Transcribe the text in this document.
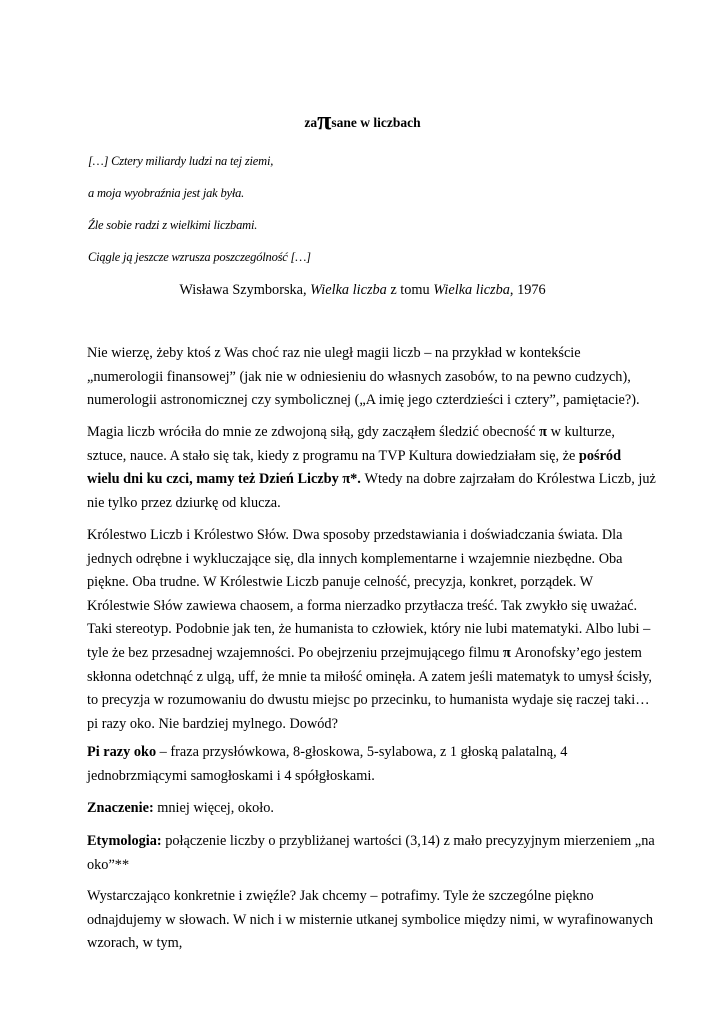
zaπsane w liczbach
[…] Cztery miliardy ludzi na tej ziemi,
a moja wyobraźnia jest jak była.
Źle sobie radzi z wielkimi liczbami.
Ciągle ją jeszcze wzrusza poszczególność […]
Wisława Szymborska, Wielka liczba z tomu Wielka liczba, 1976

Nie wierzę, żeby ktoś z Was choć raz nie uległ magii liczb – na przykład w kontekście „numerologii finansowej” (jak nie w odniesieniu do własnych zasobów, to na pewno cudzych), numerologii astronomicznej czy symbolicznej („A imię jego czterdzieści i cztery”, pamiętacie?).

Magia liczb wróciła do mnie ze zdwojoną siłą, gdy zacząłem śledzić obecność π w kulturze, sztuce, nauce. A stało się tak, kiedy z programu na TVP Kultura dowiedziałam się, że pośród wielu dni ku czci, mamy też Dzień Liczby π*. Wtedy na dobre zajrzałam do Królestwa Liczb, już nie tylko przez dziurkę od klucza.

Królestwo Liczb i Królestwo Słów. Dwa sposoby przedstawiania i doświadczania świata. Dla jednych odrębne i wykluczające się, dla innych komplementarne i wzajemnie niezbędne. Oba piękne. Oba trudne. W Królestwie Liczb panuje celność, precyzja, konkret, porządek. W Królestwie Słów zawiewa chaosem, a forma nierzadko przytłacza treść. Tak zwykło się uważać. Taki stereotyp. Podobnie jak ten, że humanista to człowiek, który nie lubi matematyki. Albo lubi – tyle że bez przesadnej wzajemności. Po obejrzeniu przejmującego filmu π Aronofsky’ego jestem skłonna odetchnąć z ulgą, uff, że mnie ta miłość ominęła. A zatem jeśli matematyk to umysł ścisły, to precyzja w rozumowaniu do dwustu miejsc po przecinku, to humanista wydaje się raczej taki… pi razy oko. Nie bardziej mylnego. Dowód?

Pi razy oko – fraza przysłówkowa, 8-głoskowa, 5-sylabowa, z 1 głoską palatalną, 4 jednobrzmiącymi samogłoskami i 4 spółgłoskami.

Znaczenie: mniej więcej, około.

Etymologia: połączenie liczby o przybliżanej wartości (3,14) z mało precyzyjnym mierzeniem „na oko”**

Wystarczająco konkretnie i zwięźle? Jak chcemy – potrafimy. Tyle że szczególne piękno odnajdujemy w słowach. W nich i w misternie utkanej symbolice między nimi, w wyrafinowanych wzorach, w tym,
